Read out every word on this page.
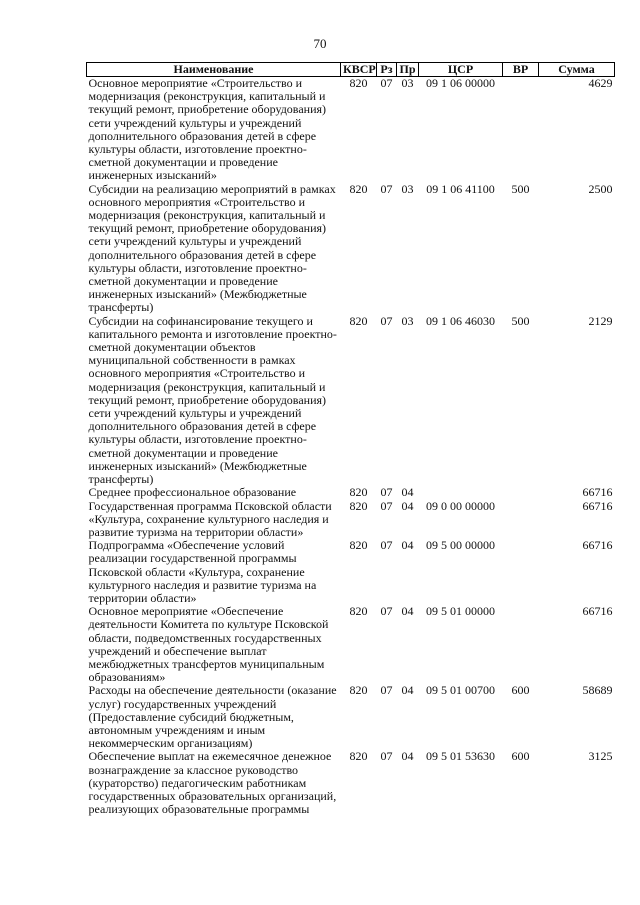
70
Наименование	КВСР	Рз	Пр	ЦСР	ВР	Сумма
Основное мероприятие «Строительство и модернизация (реконструкция, капитальный и текущий ремонт, приобретение оборудования) сети учреждений культуры и учреждений дополнительного образования детей в сфере культуры области, изготовление проектно-сметной документации и проведение инженерных изысканий»	820	07	03	09 1 06 00000		4629
Субсидии на реализацию мероприятий в рамках основного мероприятия «Строительство и модернизация (реконструкция, капитальный и текущий ремонт, приобретение оборудования) сети учреждений культуры и учреждений дополнительного образования детей в сфере культуры области, изготовление проектно-сметной документации и проведение инженерных изысканий» (Межбюджетные трансферты)	820	07	03	09 1 06 41100	500	2500
Субсидии на софинансирование текущего и капитального ремонта и изготовление проектно-сметной документации объектов муниципальной собственности в рамках основного мероприятия «Строительство и модернизация (реконструкция, капитальный и текущий ремонт, приобретение оборудования) сети учреждений культуры и учреждений дополнительного образования детей в сфере культуры области, изготовление проектно-сметной документации и проведение инженерных изысканий» (Межбюджетные трансферты)	820	07	03	09 1 06 46030	500	2129
Среднее профессиональное образование	820	07	04			66716
Государственная программа Псковской области «Культура, сохранение культурного наследия и развитие туризма на территории области»	820	07	04	09 0 00 00000		66716
Подпрограмма «Обеспечение условий реализации государственной программы Псковской области «Культура, сохранение культурного наследия и развитие туризма на территории области»	820	07	04	09 5 00 00000		66716
Основное мероприятие «Обеспечение деятельности Комитета по культуре Псковской области, подведомственных государственных учреждений и обеспечение выплат межбюджетных трансфертов муниципальным образованиям»	820	07	04	09 5 01 00000		66716
Расходы на обеспечение деятельности (оказание услуг) государственных учреждений (Предоставление субсидий бюджетным, автономным учреждениям и иным некоммерческим организациям)	820	07	04	09 5 01 00700	600	58689
Обеспечение выплат на ежемесячное денежное вознаграждение за классное руководство (кураторство) педагогическим работникам государственных образовательных организаций, реализующих образовательные программы	820	07	04	09 5 01 53630	600	3125
